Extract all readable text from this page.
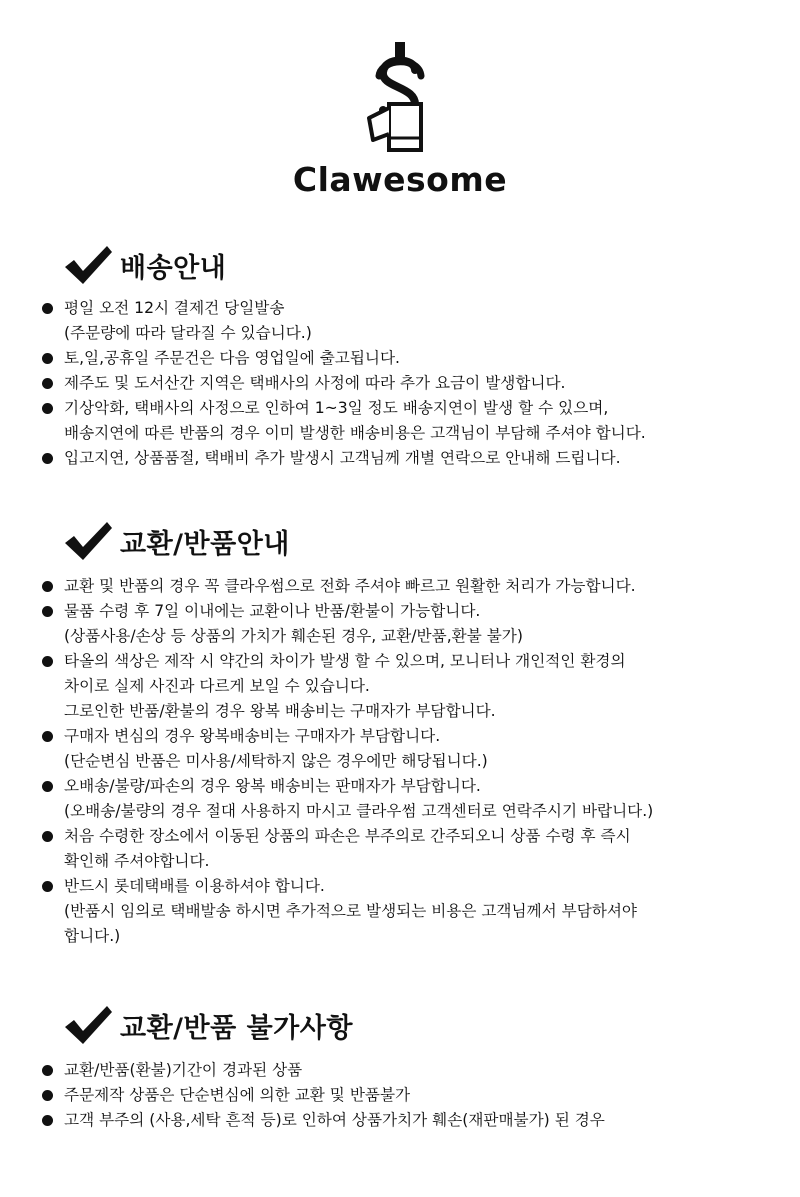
Clawesome
배송안내
평일 오전 12시 결제건 당일발송
(주문량에 따라 달라질 수 있습니다.)
토,일,공휴일 주문건은 다음 영업일에 출고됩니다.
제주도 및 도서산간 지역은 택배사의 사정에 따라 추가 요금이 발생합니다.
기상악화, 택배사의 사정으로 인하여 1~3일 정도 배송지연이 발생 할 수 있으며,
배송지연에 따른 반품의 경우 이미 발생한 배송비용은 고객님이 부담해 주셔야 합니다.
입고지연, 상품품절, 택배비 추가 발생시 고객님께 개별 연락으로 안내해 드립니다.
교환/반품안내
교환 및 반품의 경우 꼭 클라우썸으로 전화 주셔야 빠르고 원활한 처리가 가능합니다.
물품 수령 후 7일 이내에는 교환이나 반품/환불이 가능합니다.
(상품사용/손상 등 상품의 가치가 훼손된 경우, 교환/반품,환불 불가)
타올의 색상은 제작 시 약간의 차이가 발생 할 수 있으며, 모니터나 개인적인 환경의
차이로 실제 사진과 다르게 보일 수 있습니다.
그로인한 반품/환불의 경우 왕복 배송비는 구매자가 부담합니다.
구매자 변심의 경우 왕복배송비는 구매자가 부담합니다.
(단순변심 반품은 미사용/세탁하지 않은 경우에만 해당됩니다.)
오배송/불량/파손의 경우 왕복 배송비는 판매자가 부담합니다.
(오배송/불량의 경우 절대 사용하지 마시고 클라우썸 고객센터로 연락주시기 바랍니다.)
처음 수령한 장소에서 이동된 상품의 파손은 부주의로 간주되오니 상품 수령 후 즉시
확인해 주셔야합니다.
반드시 롯데택배를 이용하셔야 합니다.
(반품시 임의로 택배발송 하시면 추가적으로 발생되는 비용은 고객님께서 부담하셔야
합니다.)
교환/반품 불가사항
교환/반품(환불)기간이 경과된 상품
주문제작 상품은 단순변심에 의한 교환 및 반품불가
고객 부주의 (사용,세탁 흔적 등)로 인하여 상품가치가 훼손(재판매불가) 된 경우
